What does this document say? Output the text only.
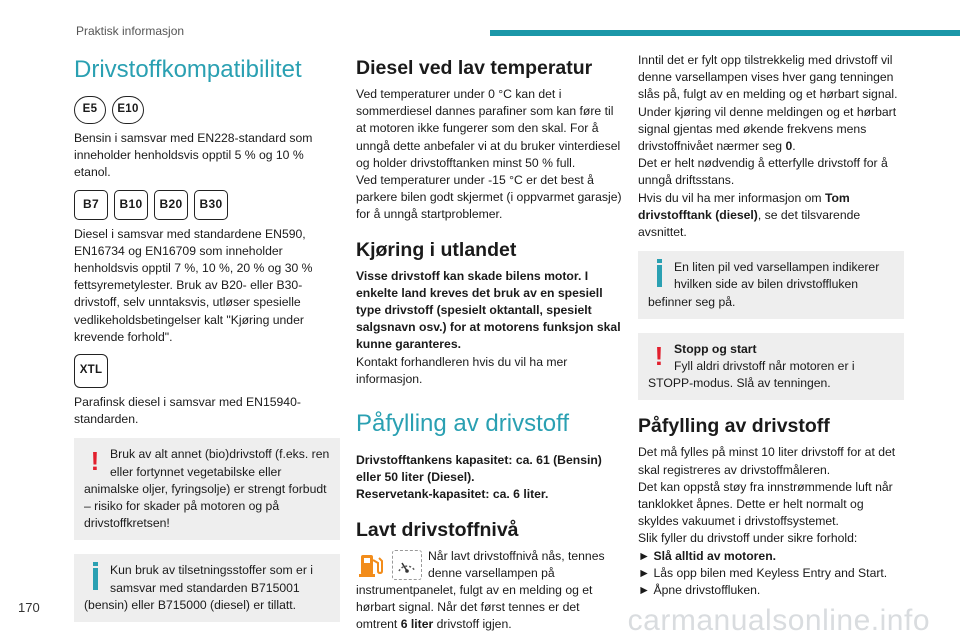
Praktisk informasjon
Drivstoffkompatibilitet
E5	E10

Bensin i samsvar med EN228-standard som inneholder henholdsvis opptil 5 % og 10 % etanol.

B7	B10	B20	B30

Diesel i samsvar med standardene EN590, EN16734 og EN16709 som inneholder henholdsvis opptil 7 %, 10 %, 20 % og 30 % fettsyremetylester. Bruk av B20- eller B30-drivstoff, selv unntaksvis, utløser spesielle vedlikeholdsbetingelser kalt "Kjøring under krevende forhold".

XTL

Parafinsk diesel i samsvar med EN15940-standarden.

! Bruk av alt annet (bio)drivstoff (f.eks. ren eller fortynnet vegetabilske eller animalske oljer, fyringsolje) er strengt forbudt – risiko for skader på motoren og på drivstoffkretsen!

Kun bruk av tilsetningsstoffer som er i samsvar med standarden B715001 (bensin) eller B715000 (diesel) er tillatt.

Diesel ved lav temperatur

Ved temperaturer under 0 °C kan det i sommerdiesel dannes parafiner som kan føre til at motoren ikke fungerer som den skal. For å unngå dette anbefaler vi at du bruker vinterdiesel og holder drivstofftanken minst 50 % full.

Ved temperaturer under -15 °C er det best å parkere bilen godt skjermet (i oppvarmet garasje) for å unngå startproblemer.

Kjøring i utlandet

Visse drivstoff kan skade bilens motor. I enkelte land kreves det bruk av en spesiell type drivstoff (spesielt oktantall, spesielt salgsnavn osv.) for at motorens funksjon skal kunne garanteres.

Kontakt forhandleren hvis du vil ha mer informasjon.

Påfylling av drivstoff

Drivstofftankens kapasitet: ca. 61 (Bensin) eller 50 liter (Diesel).

Reservetank-kapasitet: ca. 6 liter.

Lavt drivstoffnivå

Når lavt drivstoffnivå nås, tennes denne varsellampen på instrumentpanelet, fulgt av en melding og et hørbart signal. Når det først tennes er det omtrent 6 liter drivstoff igjen.

Inntil det er fylt opp tilstrekkelig med drivstoff vil denne varsellampen vises hver gang tenningen slås på, fulgt av en melding og et hørbart signal. Under kjøring vil denne meldingen og et hørbart signal gjentas med økende frekvens mens drivstoffnivået nærmer seg 0.

Det er helt nødvendig å etterfylle drivstoff for å unngå driftsstans.

Hvis du vil ha mer informasjon om Tom drivstofftank (diesel), se det tilsvarende avsnittet.

En liten pil ved varsellampen indikerer hvilken side av bilen drivstoffluken befinner seg på.

! Stopp og start

Fyll aldri drivstoff når motoren er i STOPP-modus. Slå av tenningen.

Påfylling av drivstoff

Det må fylles på minst 10 liter drivstoff for at det skal registreres av drivstoffmåleren.

Det kan oppstå støy fra innstrømmende luft når tanklokket åpnes. Dette er helt normalt og skyldes vakuumet i drivstoffsystemet.

Slik fyller du drivstoff under sikre forhold:

► Slå alltid av motoren.

► Lås opp bilen med Keyless Entry and Start.

► Åpne drivstoffluken.

170	carmanualsonline.info
